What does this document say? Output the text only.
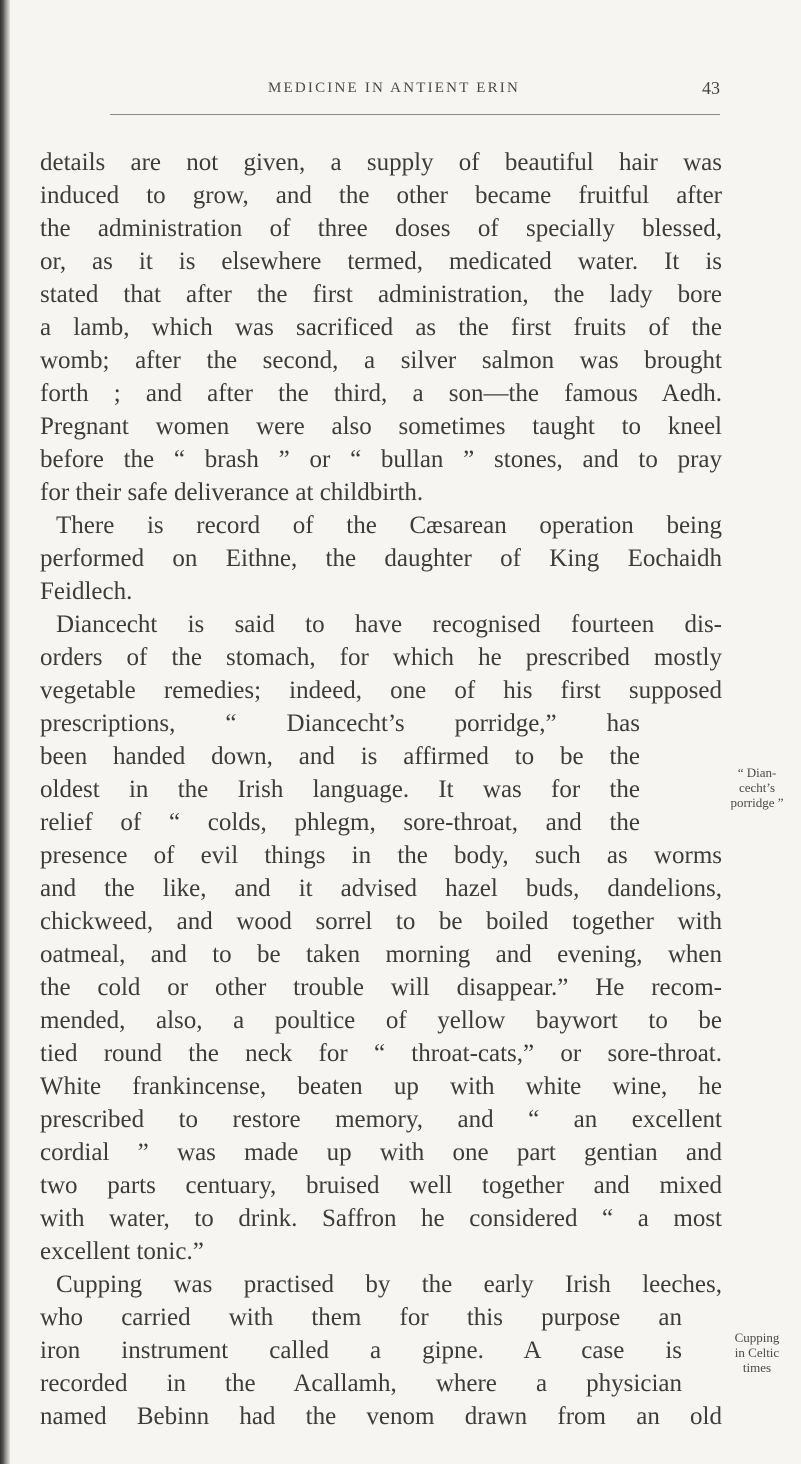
MEDICINE IN ANTIENT ERIN	43
details are not given, a supply of beautiful hair was
induced to grow, and the other became fruitful after
the administration of three doses of specially blessed,
or, as it is elsewhere termed, medicated water. It is
stated that after the first administration, the lady bore
a lamb, which was sacrificed as the first fruits of the
womb; after the second, a silver salmon was brought
forth ; and after the third, a son—the famous Aedh.
Pregnant women were also sometimes taught to kneel
before the “ brash ” or “ bullan ” stones, and to pray
for their safe deliverance at childbirth.
There is record of the Cæsarean operation being
performed on Eithne, the daughter of King Eochaidh
Feidlech.
Diancecht is said to have recognised fourteen dis-
orders of the stomach, for which he prescribed mostly
vegetable remedies; indeed, one of his first supposed
prescriptions, “ Diancecht’s porridge,” has
been handed down, and is affirmed to be the
oldest in the Irish language. It was for the
relief of “ colds, phlegm, sore-throat, and the
presence of evil things in the body, such as worms
and the like, and it advised hazel buds, dandelions,
chickweed, and wood sorrel to be boiled together with
oatmeal, and to be taken morning and evening, when
the cold or other trouble will disappear.” He recom-
mended, also, a poultice of yellow baywort to be
tied round the neck for “ throat-cats,” or sore-throat.
White frankincense, beaten up with white wine, he
prescribed to restore memory, and “ an excellent
cordial ” was made up with one part gentian and
two parts centuary, bruised well together and mixed
with water, to drink. Saffron he considered “ a most
excellent tonic.”
Cupping was practised by the early Irish leeches,
who carried with them for this purpose an
iron instrument called a gipne. A case is
recorded in the Acallamh, where a physician
named Bebinn had the venom drawn from an old
“ Dian-
cecht’s
porridge ”
Cupping
in Celtic
times
